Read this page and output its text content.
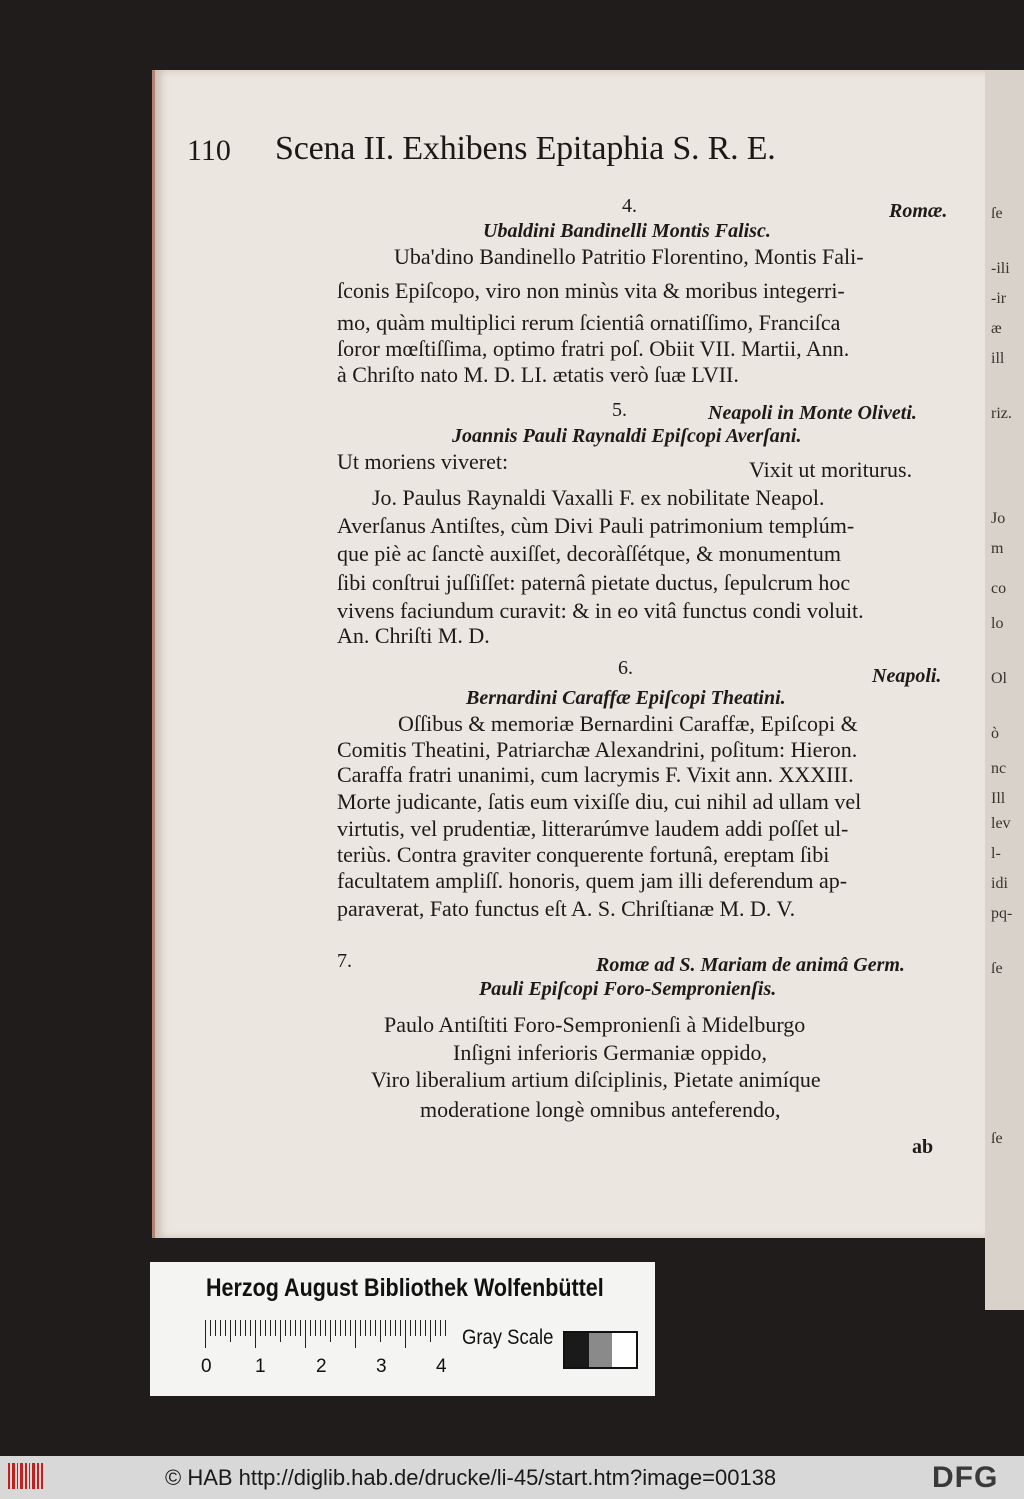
ſe
-ili
-ir
æ
ill
riz.
Jo
m
co
lo
Ol
ò
nc
Ill
lev
l-
idi
pq-
ſe
ſe
110 Scena II. Exhibens Epitaphia S. R. E.
4.	Romæ.
Ubaldini Bandinelli Montis Falisc.
Uba'dino Bandinello Patritio Florentino, Montis Fali-
ſconis Epiſcopo, viro non minùs vita & moribus integerri-
mo, quàm multiplici rerum ſcientiâ ornatiſſimo, Franciſca
ſoror mœſtiſſima, optimo fratri poſ. Obiit VII. Martii, Ann.
à Chriſto nato M. D. LI. ætatis verò ſuæ LVII.
5.	Neapoli in Monte Oliveti.
Joannis Pauli Raynaldi Epiſcopi Averſani.
Ut moriens viveret:	Vixit ut moriturus.
Jo. Paulus Raynaldi Vaxalli F. ex nobilitate Neapol.
Averſanus Antiſtes, cùm Divi Pauli patrimonium templúm-
que piè ac ſanctè auxiſſet, decoràſſétque, & monumentum
ſibi conſtrui juſſiſſet: paternâ pietate ductus, ſepulcrum hoc
vivens faciundum curavit: & in eo vitâ functus condi voluit.
An. Chriſti M. D.
6.	Neapoli.
Bernardini Caraffæ Epiſcopi Theatini.
Oſſibus & memoriæ Bernardini Caraffæ, Epiſcopi &
Comitis Theatini, Patriarchæ Alexandrini, poſitum: Hieron.
Caraffa fratri unanimi, cum lacrymis F. Vixit ann. XXXIII.
Morte judicante, ſatis eum vixiſſe diu, cui nihil ad ullam vel
virtutis, vel prudentiæ, litterarúmve laudem addi poſſet ul-
teriùs. Contra graviter conquerente fortunâ, ereptam ſibi
facultatem ampliſſ. honoris, quem jam illi deferendum ap-
paraverat, Fato functus eſt A. S. Chriſtianæ M. D. V.
7.	Romæ ad S. Mariam de animâ Germ.
Pauli Epiſcopi Foro-Sempronienſis.
Paulo Antiſtiti Foro-Sempronienſi à Midelburgo
Inſigni inferioris Germaniæ oppido,
Viro liberalium artium diſciplinis, Pietate animíque
moderatione longè omnibus anteferendo,
ab
Herzog August Bibliothek Wolfenbüttel
0 1	2	3	4
Gray Scale
© HAB http://diglib.hab.de/drucke/li-45/start.htm?image=00138	DFG
